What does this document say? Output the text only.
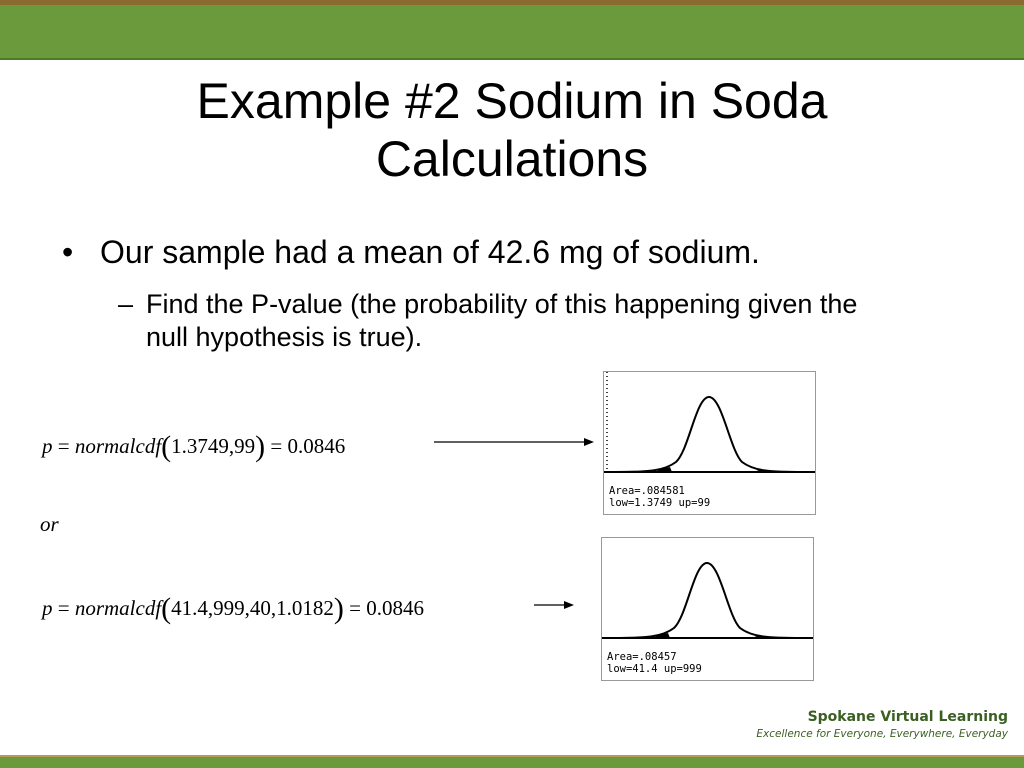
Example #2 Sodium in Soda
Calculations
• Our sample had a mean of 42.6 mg of sodium.
– Find the P-value (the probability of this happening given the null hypothesis is true).
p = normalcdf(1.3749,99) = 0.0846
or
p = normalcdf(41.4,999,40,1.0182) = 0.0846
Area=.084581
low=1.3749 up=99
Area=.08457
low=41.4 up=999
Spokane Virtual Learning
Excellence for Everyone, Everywhere, Everyday
